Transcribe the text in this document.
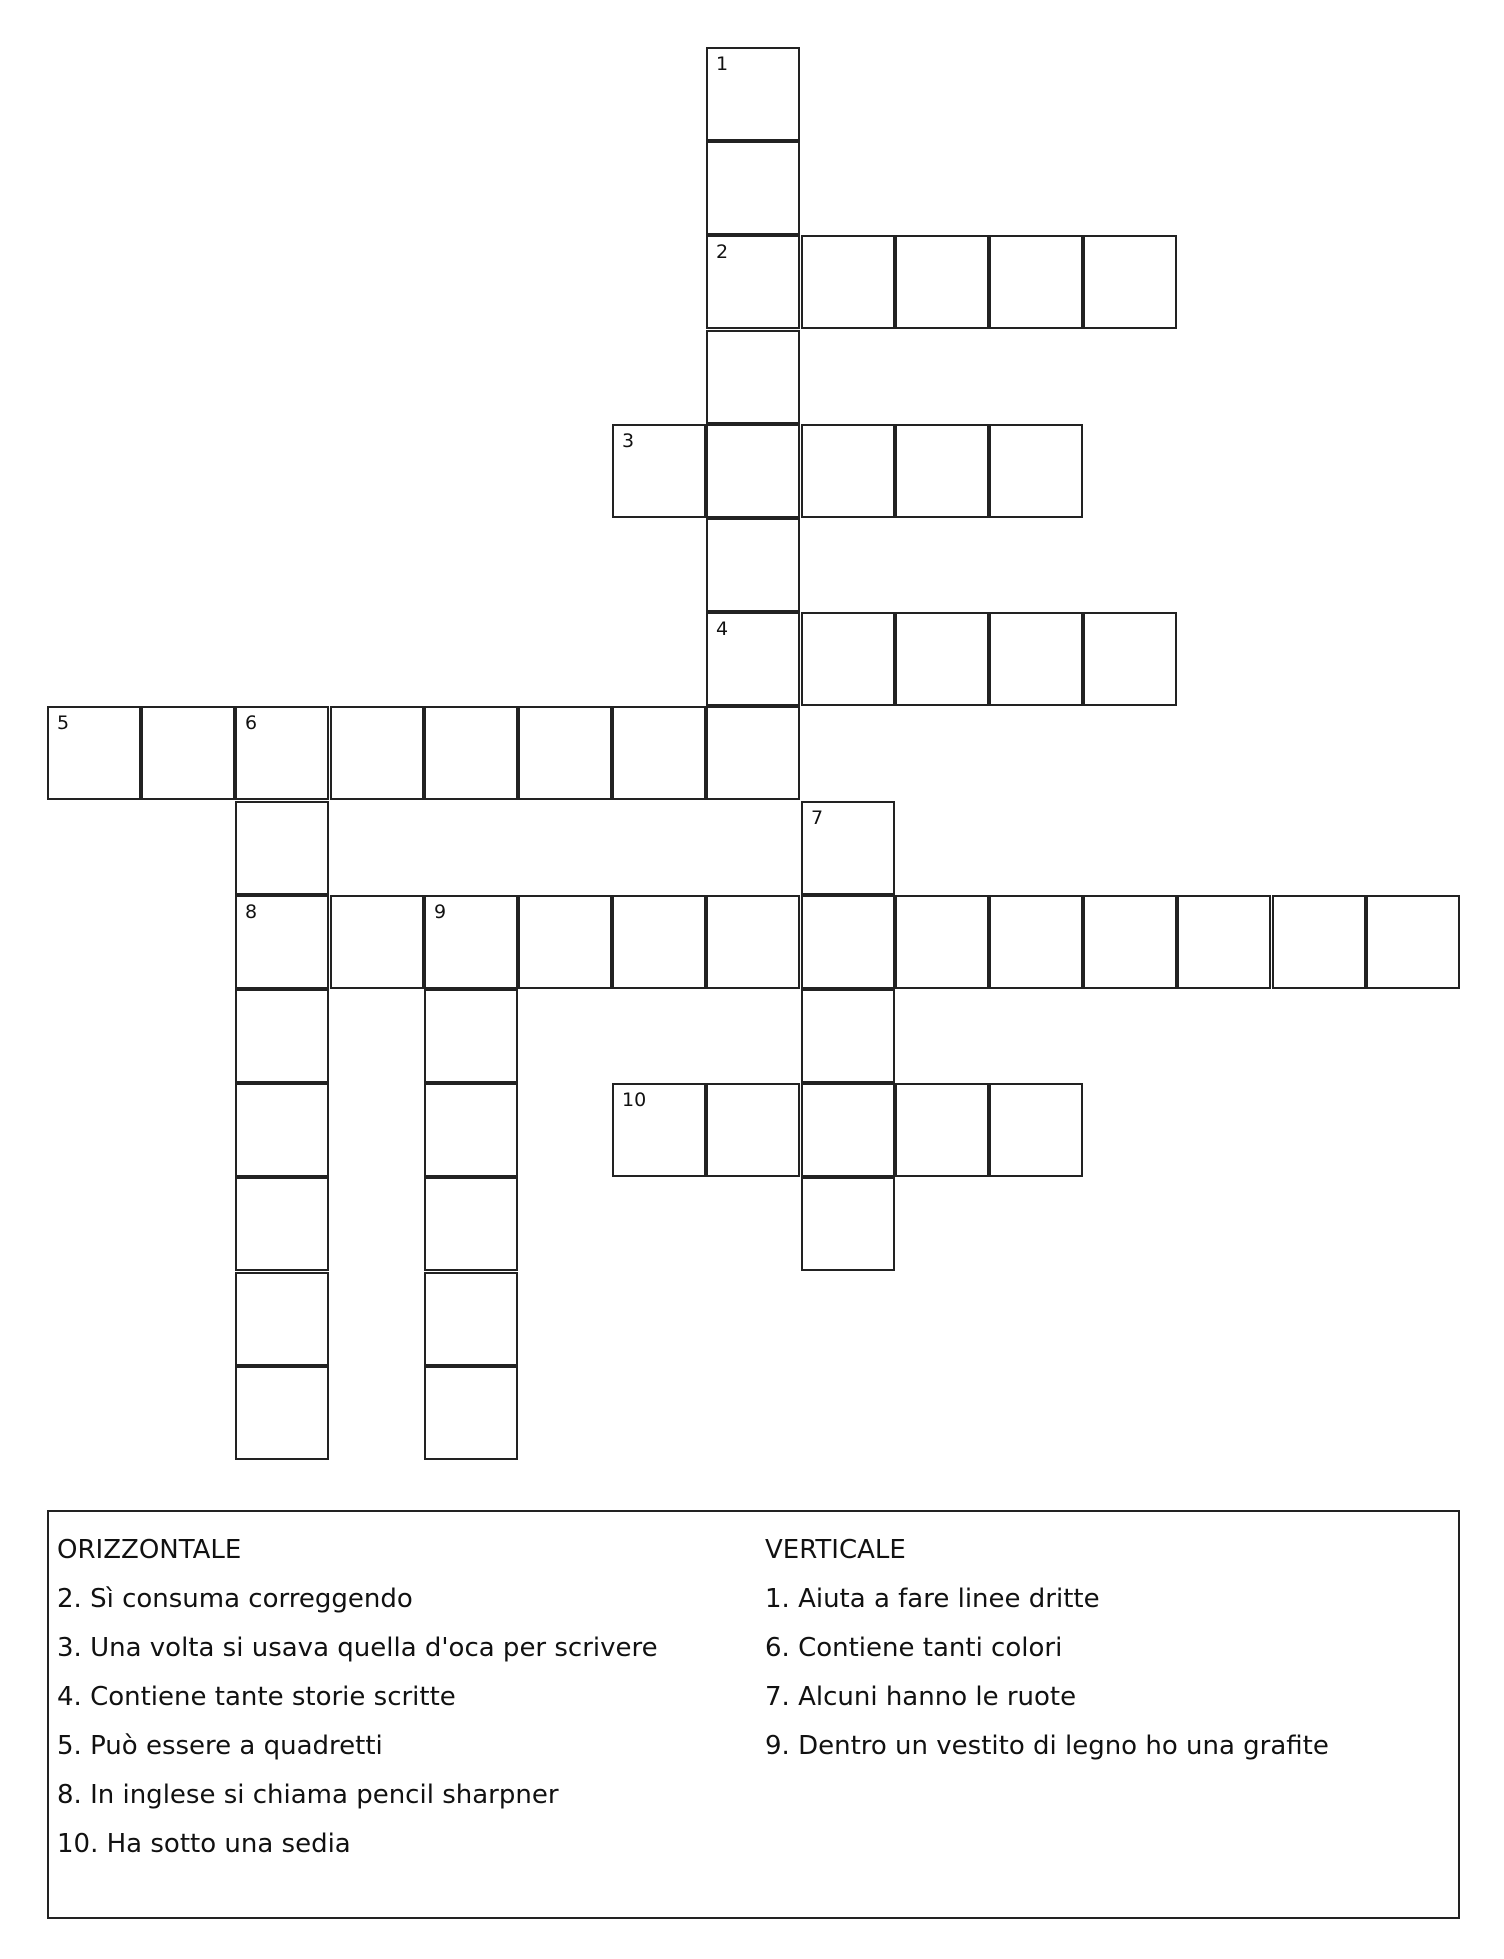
1
2
3
4
5	6
7
8	9
10
ORIZZONTALE
2. Sì consuma correggendo
3. Una volta si usava quella d'oca per scrivere
4. Contiene tante storie scritte
5. Può essere a quadretti
8. In inglese si chiama pencil sharpner
10. Ha sotto una sedia
VERTICALE
1. Aiuta a fare linee dritte
6. Contiene tanti colori
7. Alcuni hanno le ruote
9. Dentro un vestito di legno ho una grafite
